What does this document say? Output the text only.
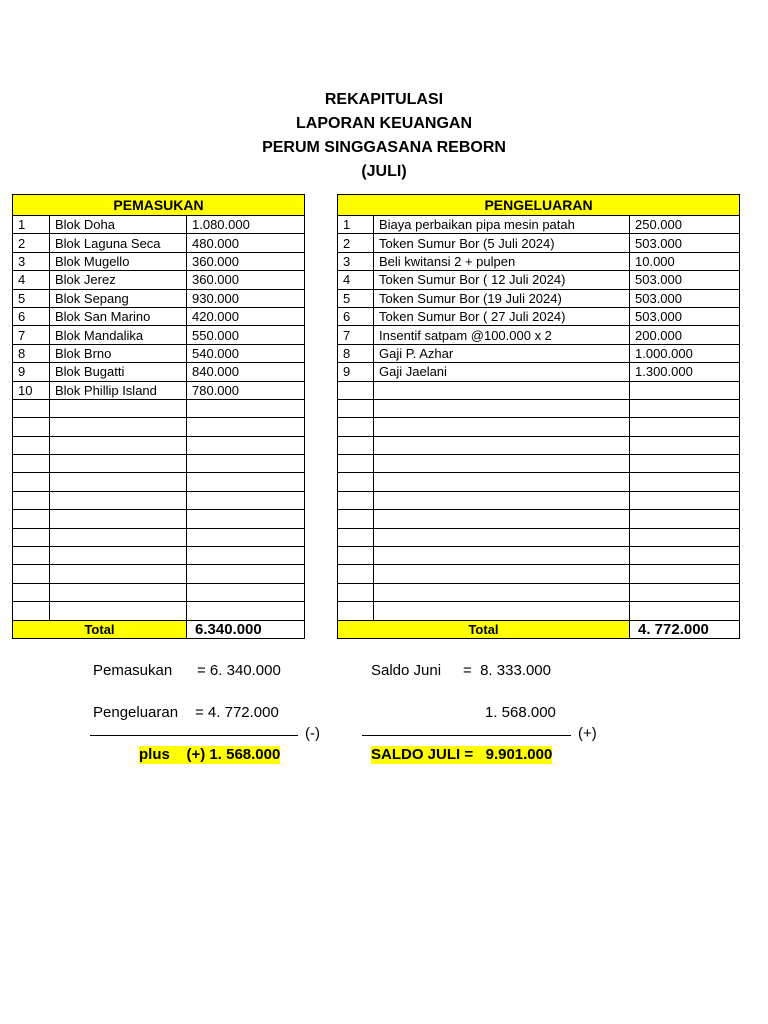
REKAPITULASI
LAPORAN KEUANGAN
PERUM SINGGASANA REBORN
(JULI)
PEMASUKAN		
1	Blok Doha	1.080.000
2	Blok Laguna Seca	480.000
3	Blok Mugello	360.000
4	Blok Jerez	360.000
5	Blok Sepang	930.000
6	Blok San Marino	420.000
7	Blok Mandalika	550.000
8	Blok Brno	540.000
9	Blok Bugatti	840.000
10	Blok Phillip Island	780.000

Total		6.340.000
PENGELUARAN		
1	Biaya perbaikan pipa mesin patah	250.000
2	Token Sumur Bor (5 Juli 2024)	503.000
3	Beli kwitansi 2 + pulpen	10.000
4	Token Sumur Bor ( 12 Juli 2024)	503.000
5	Token Sumur Bor (19 Juli 2024)	503.000
6	Token Sumur Bor ( 27 Juli 2024)	503.000
7	Insentif satpam @100.000 x 2	200.000
8	Gaji P. Azhar	1.000.000
9	Gaji Jaelani	1.300.000

Total		4. 772.000
Pemasukan = 6. 340.000
Pengeluaran = 4. 772.000
(-)
plus    (+) 1. 568.000
Saldo Juni =  8. 333.000
1. 568.000
(+)
SALDO JULI =   9.901.000
